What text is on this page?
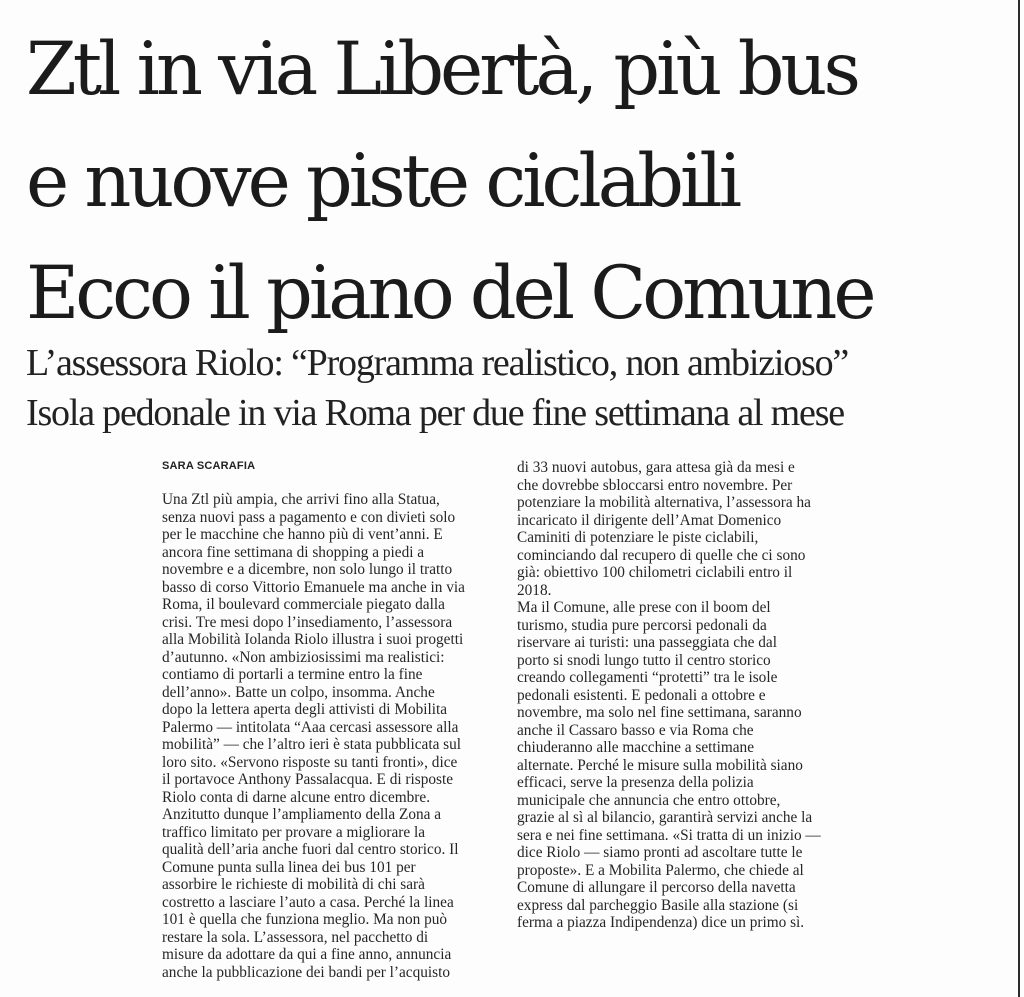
Ztl in via Libertà, più bus
e nuove piste ciclabili
Ecco il piano del Comune
L’assessora Riolo: “Programma realistico, non ambizioso”
Isola pedonale in via Roma per due fine settimana al mese
SARA SCARAFIA
Una Ztl più ampia, che arrivi fino alla Statua,
senza nuovi pass a pagamento e con divieti solo
per le macchine che hanno più di vent’anni. E
ancora fine settimana di shopping a piedi a
novembre e a dicembre, non solo lungo il tratto
basso di corso Vittorio Emanuele ma anche in via
Roma, il boulevard commerciale piegato dalla
crisi. Tre mesi dopo l’insediamento, l’assessora
alla Mobilità Iolanda Riolo illustra i suoi progetti
d’autunno. «Non ambiziosissimi ma realistici:
contiamo di portarli a termine entro la fine
dell’anno». Batte un colpo, insomma. Anche
dopo la lettera aperta degli attivisti di Mobilita
Palermo — intitolata “Aaa cercasi assessore alla
mobilità” — che l’altro ieri è stata pubblicata sul
loro sito. «Servono risposte su tanti fronti», dice
il portavoce Anthony Passalacqua. E di risposte
Riolo conta di darne alcune entro dicembre.
Anzitutto dunque l’ampliamento della Zona a
traffico limitato per provare a migliorare la
qualità dell’aria anche fuori dal centro storico. Il
Comune punta sulla linea dei bus 101 per
assorbire le richieste di mobilità di chi sarà
costretto a lasciare l’auto a casa. Perché la linea
101 è quella che funziona meglio. Ma non può
restare la sola. L’assessora, nel pacchetto di
misure da adottare da qui a fine anno, annuncia
anche la pubblicazione dei bandi per l’acquisto
di 33 nuovi autobus, gara attesa già da mesi e
che dovrebbe sbloccarsi entro novembre. Per
potenziare la mobilità alternativa, l’assessora ha
incaricato il dirigente dell’Amat Domenico
Caminiti di potenziare le piste ciclabili,
cominciando dal recupero di quelle che ci sono
già: obiettivo 100 chilometri ciclabili entro il
2018.
Ma il Comune, alle prese con il boom del
turismo, studia pure percorsi pedonali da
riservare ai turisti: una passeggiata che dal
porto si snodi lungo tutto il centro storico
creando collegamenti “protetti” tra le isole
pedonali esistenti. E pedonali a ottobre e
novembre, ma solo nel fine settimana, saranno
anche il Cassaro basso e via Roma che
chiuderanno alle macchine a settimane
alternate. Perché le misure sulla mobilità siano
efficaci, serve la presenza della polizia
municipale che annuncia che entro ottobre,
grazie al sì al bilancio, garantirà servizi anche la
sera e nei fine settimana. «Si tratta di un inizio —
dice Riolo — siamo pronti ad ascoltare tutte le
proposte». E a Mobilita Palermo, che chiede al
Comune di allungare il percorso della navetta
express dal parcheggio Basile alla stazione (si
ferma a piazza Indipendenza) dice un primo sì.
